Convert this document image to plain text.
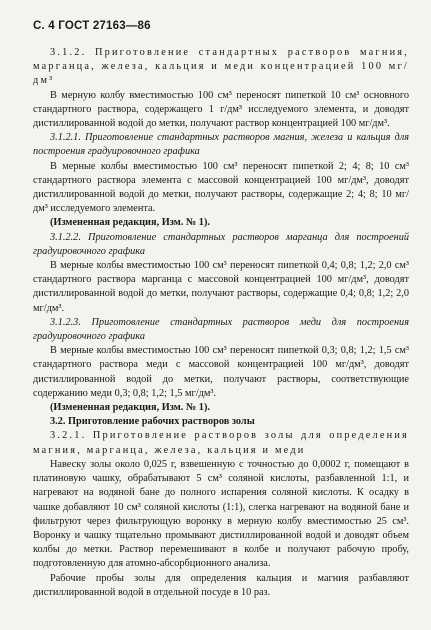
С. 4 ГОСТ 27163—86

3.1.2. Приготовление стандартных растворов магния, марганца, железа, кальция и меди концентрацией 100 мг/дм³

В мерную колбу вместимостью 100 см³ переносят пипеткой 10 см³ основного стандартного раствора, содержащего 1 г/дм³ исследуемого элемента, и доводят дистиллированной водой до метки, получают раствор концентрацией 100 мг/дм³.

3.1.2.1. Приготовление стандартных растворов магния, железа и кальция для построения градуировочного графика

В мерные колбы вместимостью 100 см³ переносят пипеткой 2; 4; 8; 10 см³ стандартного раствора элемента с массовой концентрацией 100 мг/дм³, доводят дистиллированной водой до метки, получают растворы, содержащие 2; 4; 8; 10 мг/дм³ исследуемого элемента.

(Измененная редакция, Изм. № 1).

3.1.2.2. Приготовление стандартных растворов марганца для построений градуировочного графика

В мерные колбы вместимостью 100 см³ переносят пипеткой 0,4; 0,8; 1,2; 2,0 см³ стандартного раствора марганца с массовой концентрацией 100 мг/дм³, доводят дистиллированной водой до метки, получают растворы, содержащие 0,4; 0,8; 1,2; 2,0 мг/дм³.

3.1.2.3. Приготовление стандартных растворов меди для построения градуировочного графика

В мерные колбы вместимостью 100 см³ переносят пипеткой 0,3; 0,8; 1,2; 1,5 см³ стандартного раствора меди с массовой концентрацией 100 мг/дм³, доводят дистиллированной водой до метки, получают растворы, соответствующие содержанию меди 0,3; 0,8; 1,2; 1,5 мг/дм³.

(Измененная редакция, Изм. № 1).

3.2. Приготовление рабочих растворов золы

3.2.1. Приготовление растворов золы для определения магния, марганца, железа, кальция и меди

Навеску золы около 0,025 г, взвешенную с точностью до 0,0002 г, помещают в платиновую чашку, обрабатывают 5 см³ соляной кислоты, разбавленной 1:1, и нагревают на водяной бане до полного испарения соляной кислоты. К осадку в чашке добавляют 10 см³ соляной кислоты (1:1), слегка нагревают на водяной бане и фильтруют через фильтрующую воронку в мерную колбу вместимостью 25 см³. Воронку и чашку тщательно промывают дистиллированной водой и доводят объем колбы до метки. Раствор перемешивают в колбе и получают рабочую пробу, подготовленную для атомно-абсорбционного анализа.

Рабочие пробы золы для определения кальция и магния разбавляют дистиллированной водой в отдельной посуде в 10 раз.
